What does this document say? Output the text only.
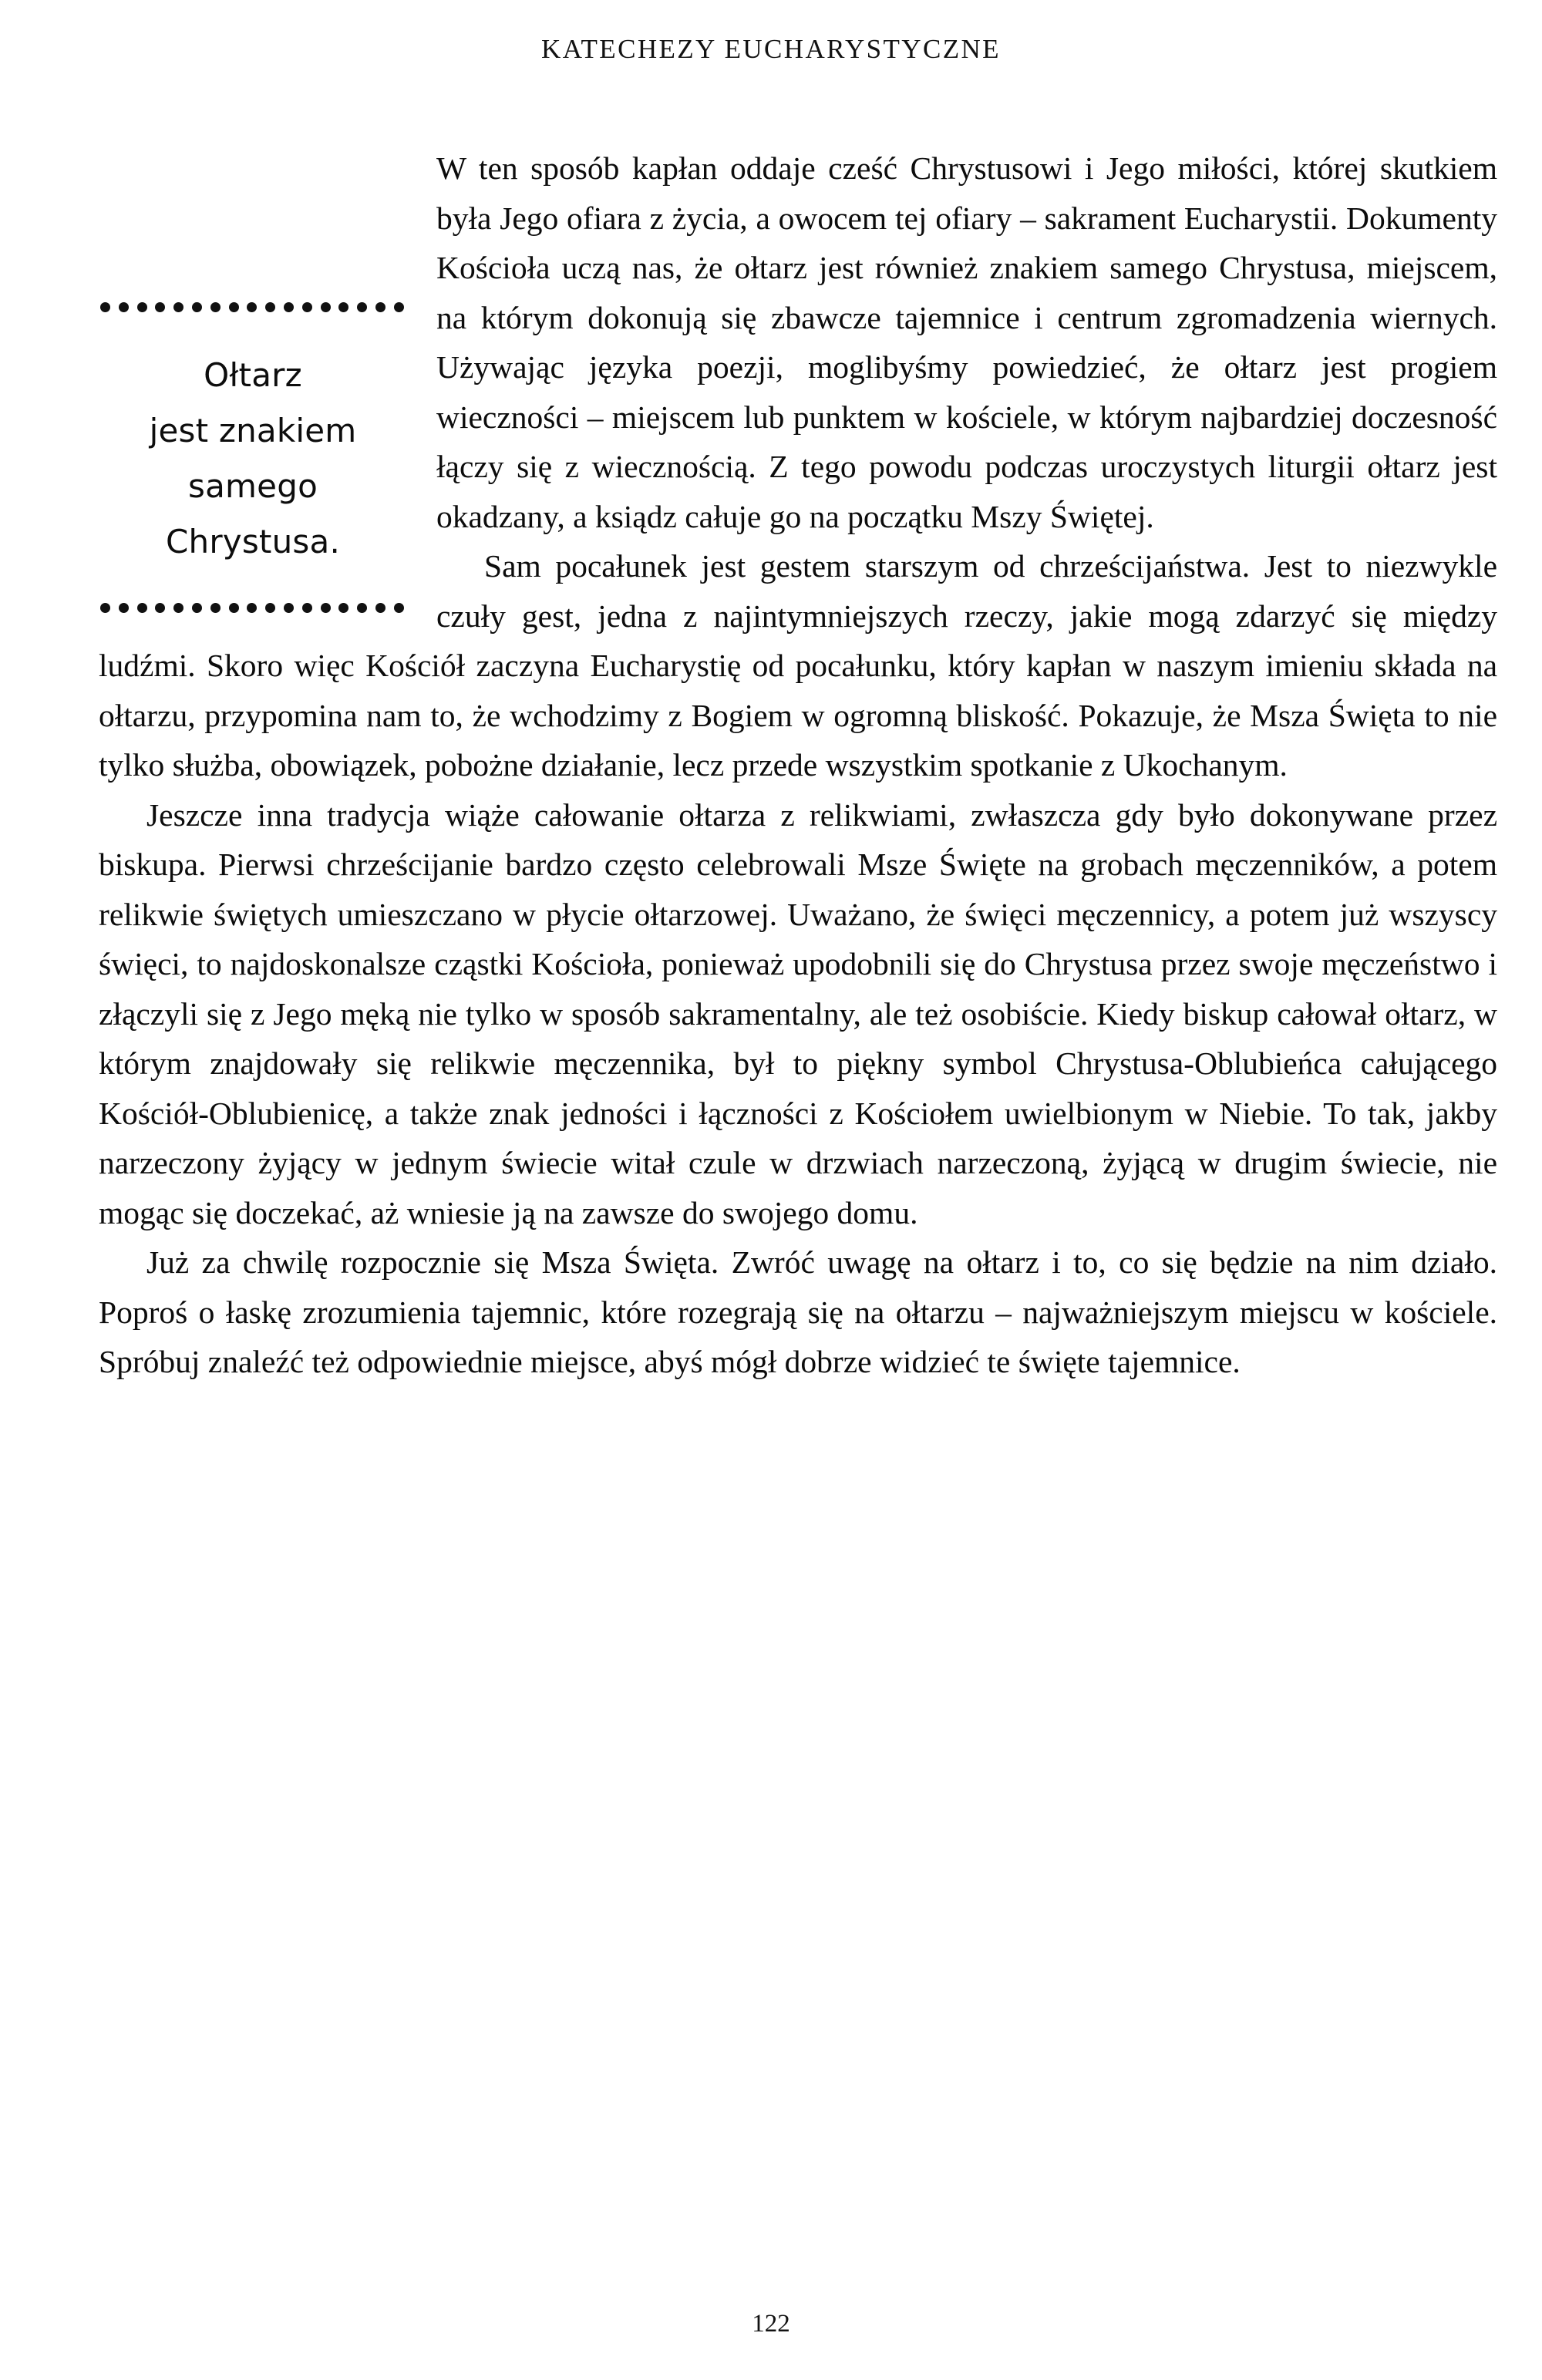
KATECHEZY EUCHARYSTYCZNE
Ołtarz
jest znakiem
samego
Chrystusa.

W ten sposób kapłan oddaje cześć Chrystusowi i Jego miłości, której skutkiem była Jego ofiara z życia, a owocem tej ofiary – sakrament Eucharystii. Dokumenty Kościoła uczą nas, że ołtarz jest również znakiem samego Chrystusa, miejscem, na którym dokonują się zbawcze tajemnice i centrum zgromadzenia wiernych. Używając języka poezji, moglibyśmy powiedzieć, że ołtarz jest progiem wieczności – miejscem lub punktem w kościele, w którym najbardziej doczesność łączy się z wiecznością. Z tego powodu podczas uroczystych liturgii ołtarz jest okadzany, a ksiądz całuje go na początku Mszy Świętej.

Sam pocałunek jest gestem starszym od chrześcijaństwa. Jest to niezwykle czuły gest, jedna z najintymniejszych rzeczy, jakie mogą zdarzyć się między ludźmi. Skoro więc Kościół zaczyna Eucharystię od pocałunku, który kapłan w naszym imieniu składa na ołtarzu, przypomina nam to, że wchodzimy z Bogiem w ogromną bliskość. Pokazuje, że Msza Święta to nie tylko służba, obowiązek, pobożne działanie, lecz przede wszystkim spotkanie z Ukochanym.

Jeszcze inna tradycja wiąże całowanie ołtarza z relikwiami, zwłaszcza gdy było dokonywane przez biskupa. Pierwsi chrześcijanie bardzo często celebrowali Msze Święte na grobach męczenników, a potem relikwie świętych umieszczano w płycie ołtarzowej. Uważano, że święci męczennicy, a potem już wszyscy święci, to najdoskonalsze cząstki Kościoła, ponieważ upodobnili się do Chrystusa przez swoje męczeństwo i złączyli się z Jego męką nie tylko w sposób sakramentalny, ale też osobiście. Kiedy biskup całował ołtarz, w którym znajdowały się relikwie męczennika, był to piękny symbol Chrystusa-Oblubieńca całującego Kościół-Oblubienicę, a także znak jedności i łączności z Kościołem uwielbionym w Niebie. To tak, jakby narzeczony żyjący w jednym świecie witał czule w drzwiach narzeczoną, żyjącą w drugim świecie, nie mogąc się doczekać, aż wniesie ją na zawsze do swojego domu.

Już za chwilę rozpocznie się Msza Święta. Zwróć uwagę na ołtarz i to, co się będzie na nim działo. Poproś o łaskę zrozumienia tajemnic, które rozegrają się na ołtarzu – najważniejszym miejscu w kościele. Spróbuj znaleźć też odpowiednie miejsce, abyś mógł dobrze widzieć te święte tajemnice.

122
